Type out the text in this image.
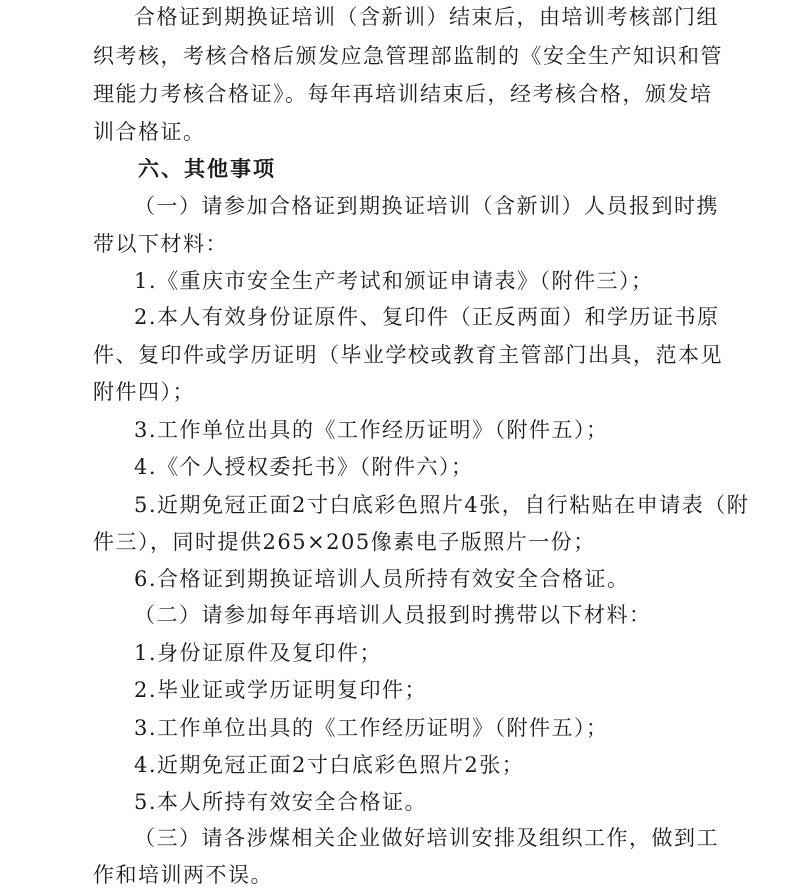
合格证到期换证培训（含新训）结束后，由培训考核部门组
织考核，考核合格后颁发应急管理部监制的《安全生产知识和管
理能力考核合格证》。每年再培训结束后，经考核合格，颁发培
训合格证。
六、其他事项
（一）请参加合格证到期换证培训（含新训）人员报到时携
带以下材料：
1.《重庆市安全生产考试和颁证申请表》（附件三）；
2.本人有效身份证原件、复印件（正反两面）和学历证书原
件、复印件或学历证明（毕业学校或教育主管部门出具，范本见
附件四）；
3.工作单位出具的《工作经历证明》（附件五）；
4.《个人授权委托书》（附件六）；
5.近期免冠正面2寸白底彩色照片4张，自行粘贴在申请表（附
件三），同时提供265×205像素电子版照片一份；
6.合格证到期换证培训人员所持有效安全合格证。
（二）请参加每年再培训人员报到时携带以下材料：
1.身份证原件及复印件；
2.毕业证或学历证明复印件；
3.工作单位出具的《工作经历证明》（附件五）；
4.近期免冠正面2寸白底彩色照片2张；
5.本人所持有效安全合格证。
（三）请各涉煤相关企业做好培训安排及组织工作，做到工
作和培训两不误。
